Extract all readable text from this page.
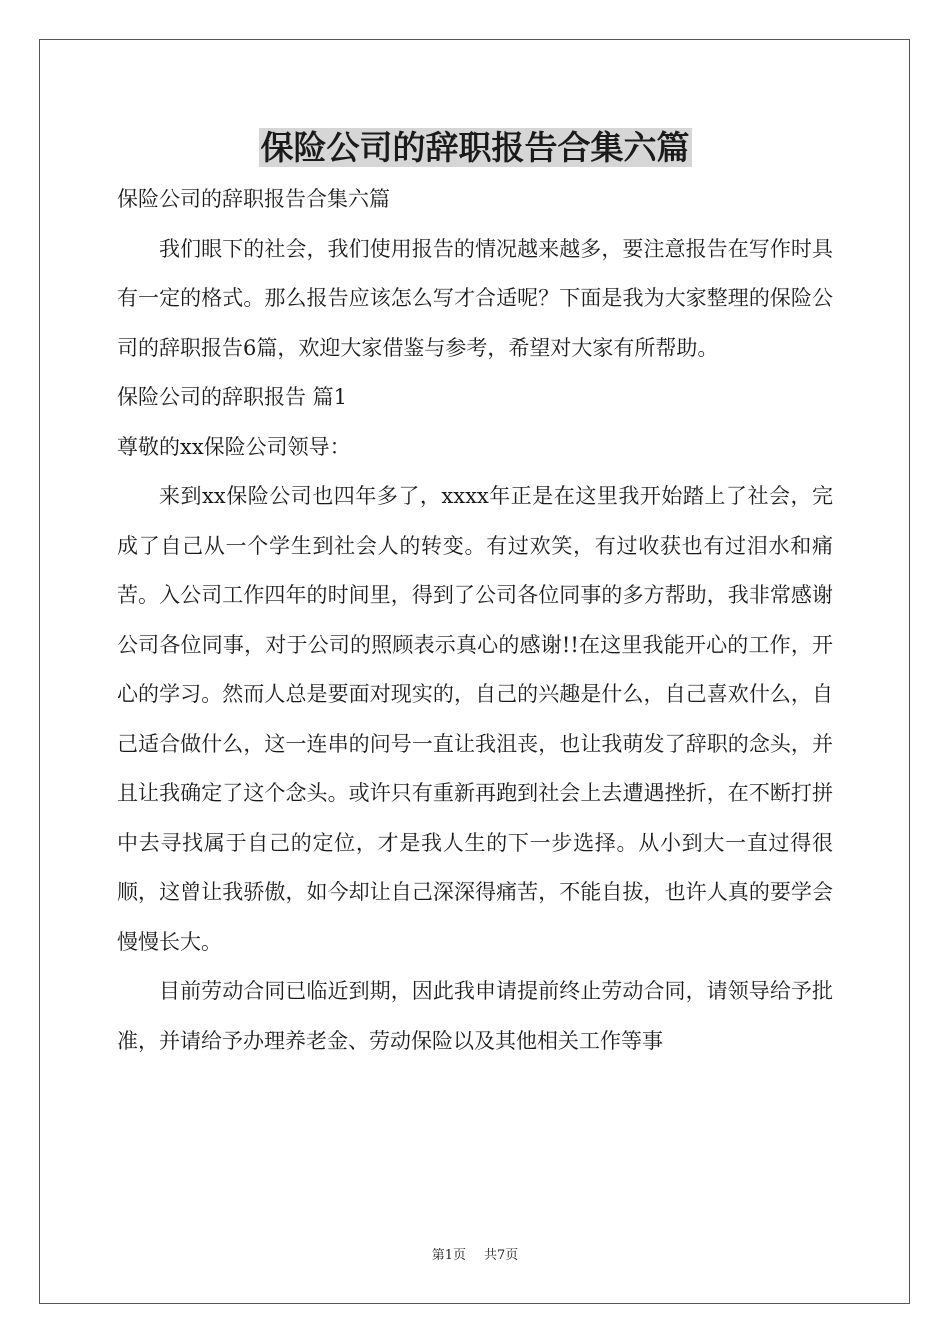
保险公司的辞职报告合集六篇

保险公司的辞职报告合集六篇

我们眼下的社会，我们使用报告的情况越来越多，要注意报告在写作时具有一定的格式。那么报告应该怎么写才合适呢？下面是我为大家整理的保险公司的辞职报告6篇，欢迎大家借鉴与参考，希望对大家有所帮助。

保险公司的辞职报告 篇1

尊敬的xx保险公司领导：

来到xx保险公司也四年多了，xxxx年正是在这里我开始踏上了社会，完成了自己从一个学生到社会人的转变。有过欢笑，有过收获也有过泪水和痛苦。入公司工作四年的时间里，得到了公司各位同事的多方帮助，我非常感谢公司各位同事，对于公司的照顾表示真心的感谢!!在这里我能开心的工作，开心的学习。然而人总是要面对现实的，自己的兴趣是什么，自己喜欢什么，自己适合做什么，这一连串的问号一直让我沮丧，也让我萌发了辞职的念头，并且让我确定了这个念头。或许只有重新再跑到社会上去遭遇挫折，在不断打拼中去寻找属于自己的定位，才是我人生的下一步选择。从小到大一直过得很顺，这曾让我骄傲，如今却让自己深深得痛苦，不能自拔，也许人真的要学会慢慢长大。

目前劳动合同已临近到期，因此我申请提前终止劳动合同，请领导给予批准，并请给予办理养老金、劳动保险以及其他相关工作等事

第1页 共7页
